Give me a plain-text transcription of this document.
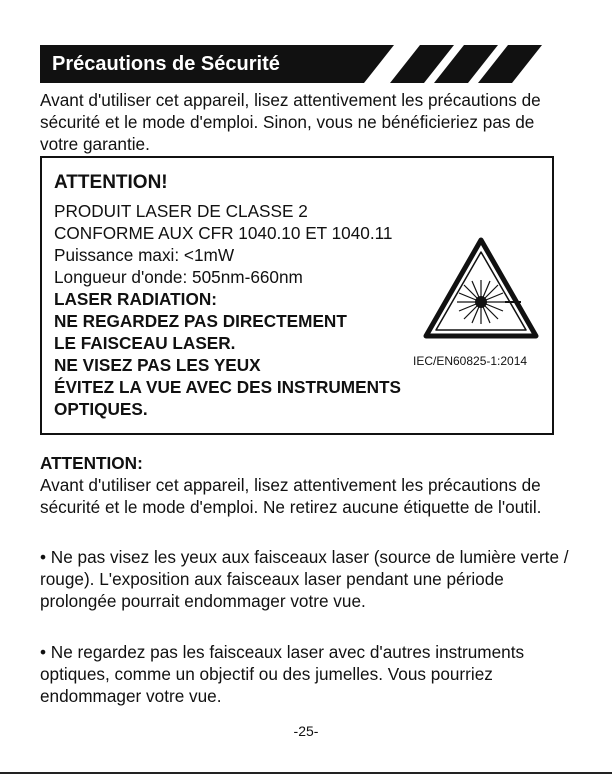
Précautions de Sécurité

Avant d'utiliser cet appareil, lisez attentivement les précautions de sécurité et le mode d'emploi. Sinon, vous ne bénéficieriez pas de votre garantie.

ATTENTION!
PRODUIT LASER DE CLASSE 2
CONFORME AUX CFR 1040.10 ET 1040.11
Puissance maxi: <1mW
Longueur d'onde: 505nm-660nm
LASER RADIATION:
NE REGARDEZ PAS DIRECTEMENT
LE FAISCEAU LASER.
NE VISEZ PAS LES YEUX
ÉVITEZ LA VUE AVEC DES INSTRUMENTS
OPTIQUES.
IEC/EN60825-1:2014
ATTENTION:

Avant d'utiliser cet appareil, lisez attentivement les précautions de sécurité et le mode d'emploi. Ne retirez aucune étiquette de l'outil.

• Ne pas visez les yeux aux faisceaux laser (source de lumière verte / rouge). L'exposition aux faisceaux laser pendant une période prolongée pourrait endommager votre vue.

• Ne regardez pas les faisceaux laser avec d'autres instruments optiques, comme un objectif ou des jumelles. Vous pourriez endommager votre vue.

-25-
